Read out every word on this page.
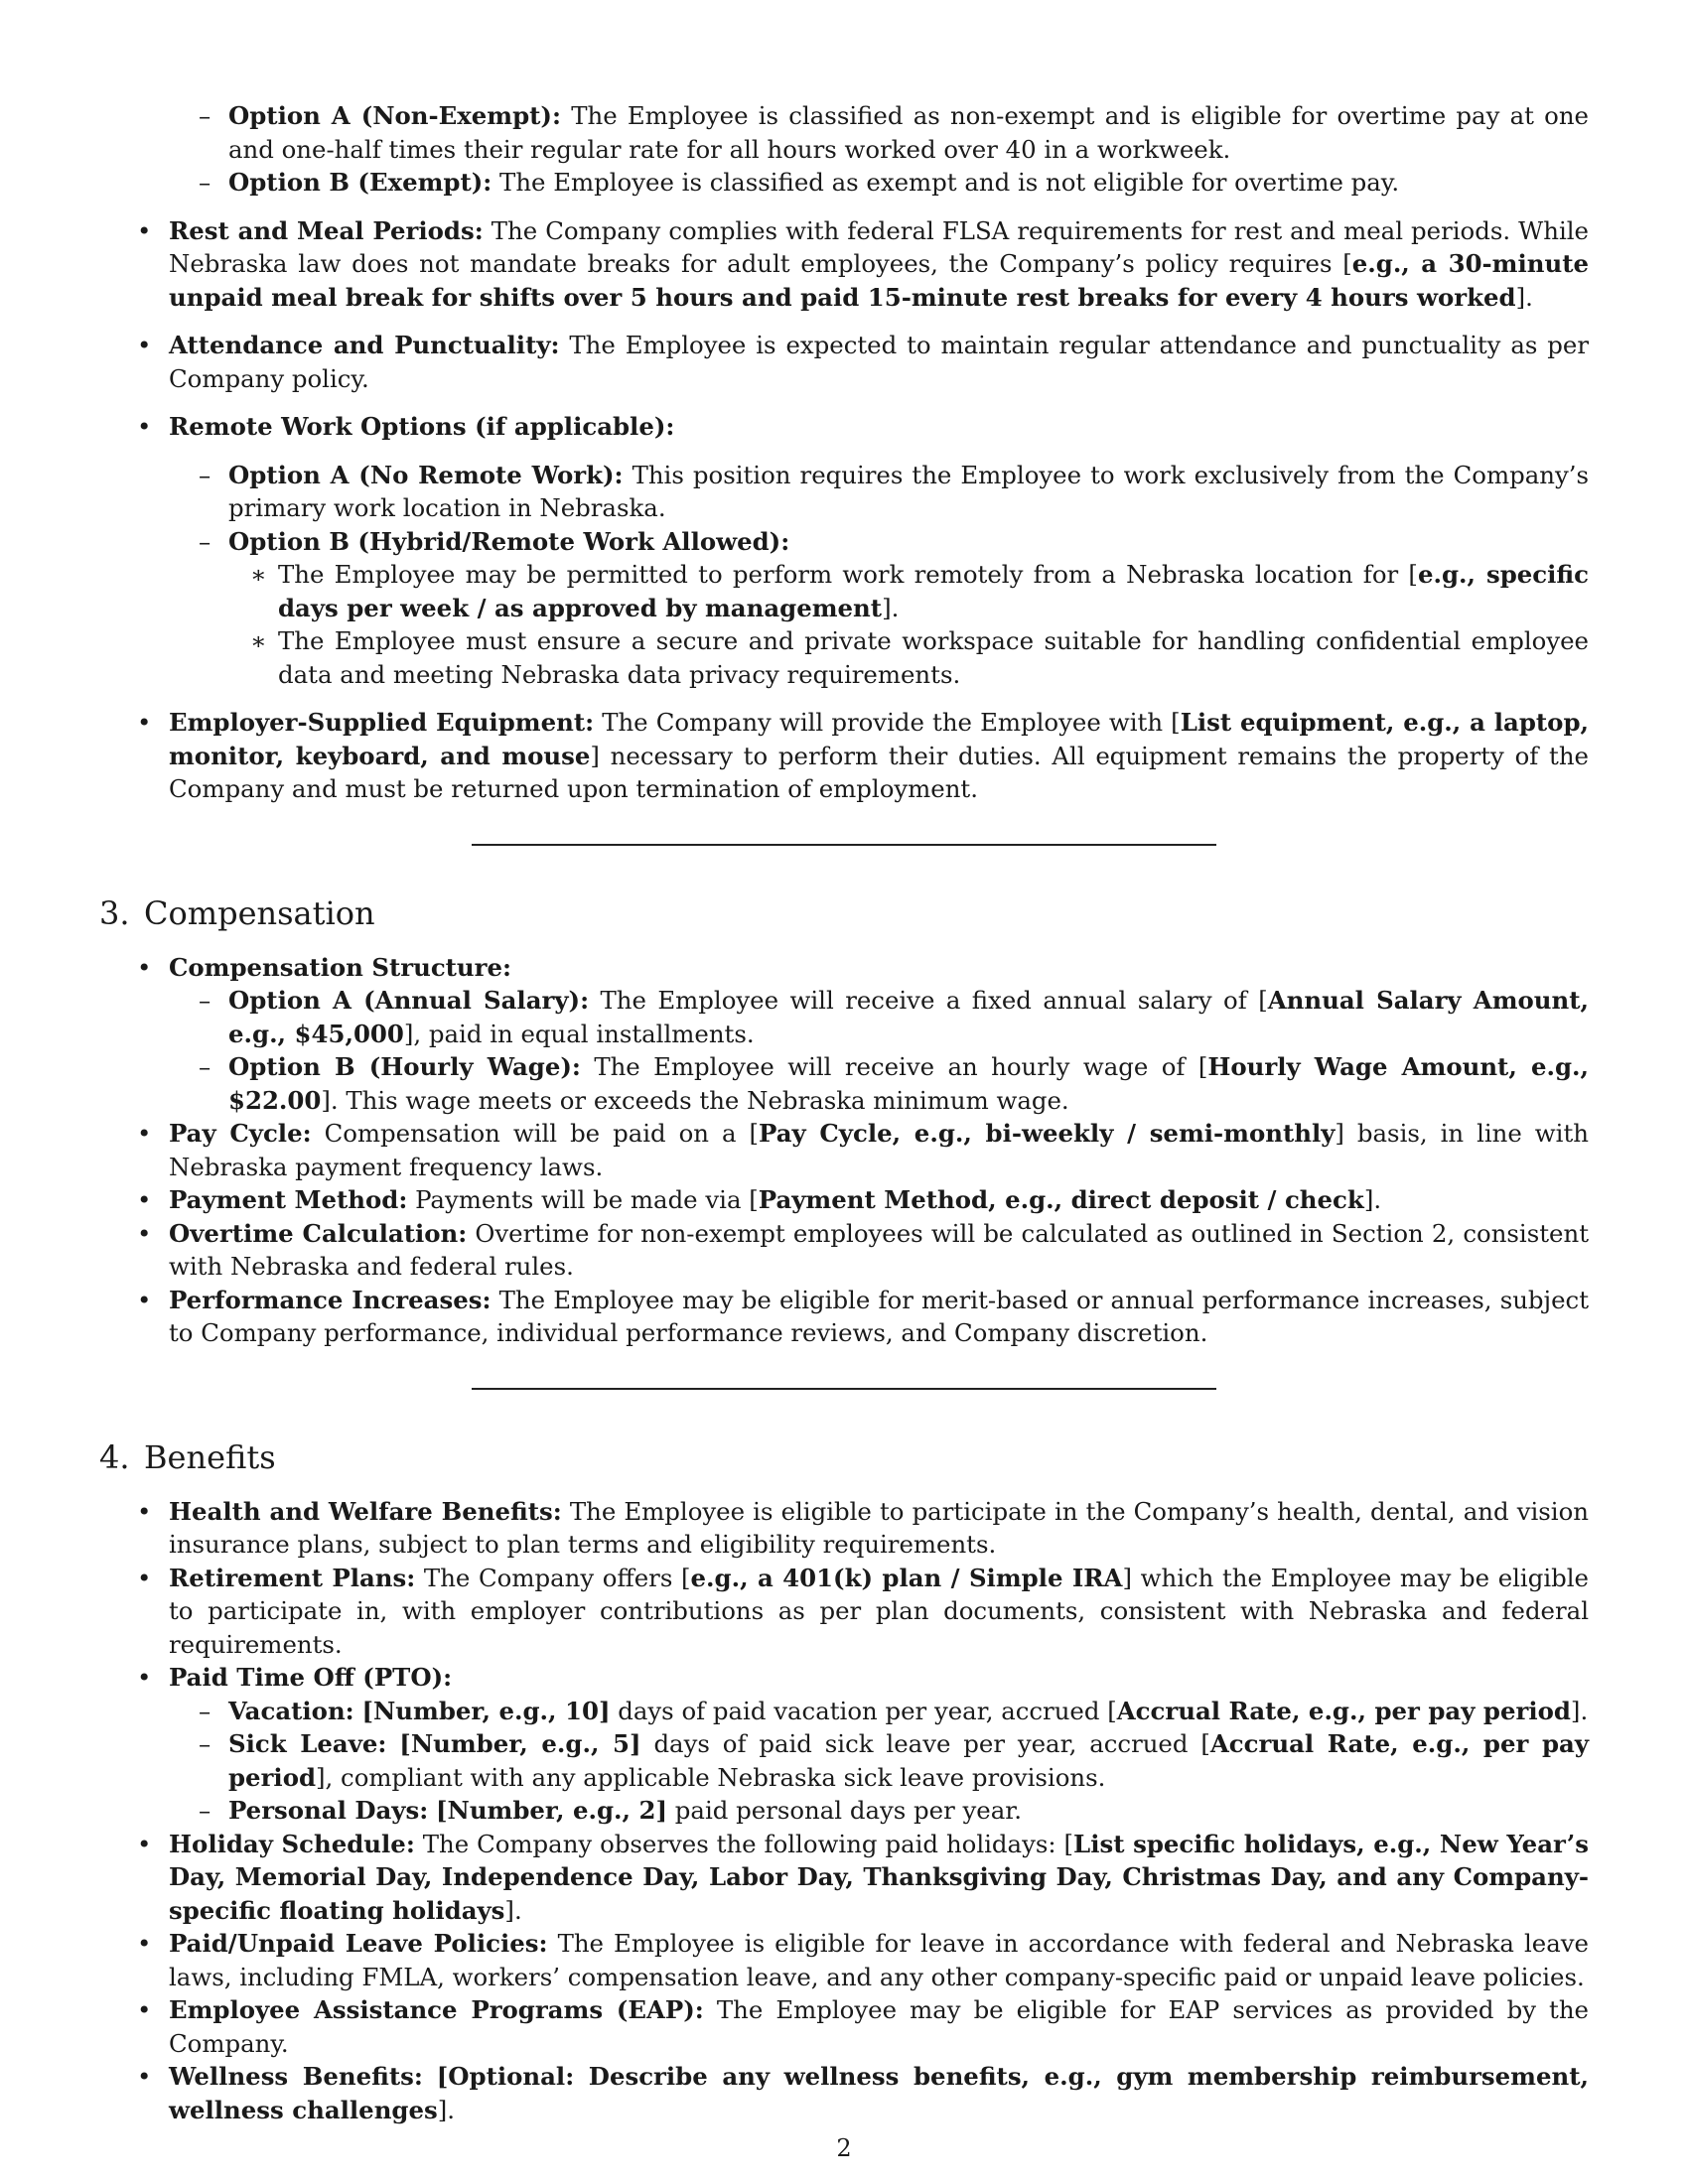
– Option A (Non-Exempt): The Employee is classified as non-exempt and is eligible for overtime pay at one and one-half times their regular rate for all hours worked over 40 in a workweek.
– Option B (Exempt): The Employee is classified as exempt and is not eligible for overtime pay.
• Rest and Meal Periods: The Company complies with federal FLSA requirements for rest and meal periods. While Nebraska law does not mandate breaks for adult employees, the Company’s policy requires [e.g., a 30-minute unpaid meal break for shifts over 5 hours and paid 15-minute rest breaks for every 4 hours worked].
• Attendance and Punctuality: The Employee is expected to maintain regular attendance and punctuality as per Company policy.
• Remote Work Options (if applicable):
– Option A (No Remote Work): This position requires the Employee to work exclusively from the Company’s primary work location in Nebraska.
– Option B (Hybrid/Remote Work Allowed):
∗ The Employee may be permitted to perform work remotely from a Nebraska location for [e.g., specific days per week / as approved by management].
∗ The Employee must ensure a secure and private workspace suitable for handling confidential employee data and meeting Nebraska data privacy requirements.
• Employer-Supplied Equipment: The Company will provide the Employee with [List equipment, e.g., a laptop, monitor, keyboard, and mouse] necessary to perform their duties. All equipment remains the property of the Company and must be returned upon termination of employment.
3. Compensation
• Compensation Structure:
– Option A (Annual Salary): The Employee will receive a fixed annual salary of [Annual Salary Amount, e.g., $45,000], paid in equal installments.
– Option B (Hourly Wage): The Employee will receive an hourly wage of [Hourly Wage Amount, e.g., $22.00]. This wage meets or exceeds the Nebraska minimum wage.
• Pay Cycle: Compensation will be paid on a [Pay Cycle, e.g., bi-weekly / semi-monthly] basis, in line with Nebraska payment frequency laws.
• Payment Method: Payments will be made via [Payment Method, e.g., direct deposit / check].
• Overtime Calculation: Overtime for non-exempt employees will be calculated as outlined in Section 2, consistent with Nebraska and federal rules.
• Performance Increases: The Employee may be eligible for merit-based or annual performance increases, subject to Company performance, individual performance reviews, and Company discretion.
4. Benefits
• Health and Welfare Benefits: The Employee is eligible to participate in the Company’s health, dental, and vision insurance plans, subject to plan terms and eligibility requirements.
• Retirement Plans: The Company offers [e.g., a 401(k) plan / Simple IRA] which the Employee may be eligible to participate in, with employer contributions as per plan documents, consistent with Nebraska and federal requirements.
• Paid Time Off (PTO):
– Vacation: [Number, e.g., 10] days of paid vacation per year, accrued [Accrual Rate, e.g., per pay period].
– Sick Leave: [Number, e.g., 5] days of paid sick leave per year, accrued [Accrual Rate, e.g., per pay period], compliant with any applicable Nebraska sick leave provisions.
– Personal Days: [Number, e.g., 2] paid personal days per year.
• Holiday Schedule: The Company observes the following paid holidays: [List specific holidays, e.g., New Year’s Day, Memorial Day, Independence Day, Labor Day, Thanksgiving Day, Christmas Day, and any Company-specific floating holidays].
• Paid/Unpaid Leave Policies: The Employee is eligible for leave in accordance with federal and Nebraska leave laws, including FMLA, workers’ compensation leave, and any other company-specific paid or unpaid leave policies.
• Employee Assistance Programs (EAP): The Employee may be eligible for EAP services as provided by the Company.
• Wellness Benefits: [Optional: Describe any wellness benefits, e.g., gym membership reimbursement, wellness challenges].
2
